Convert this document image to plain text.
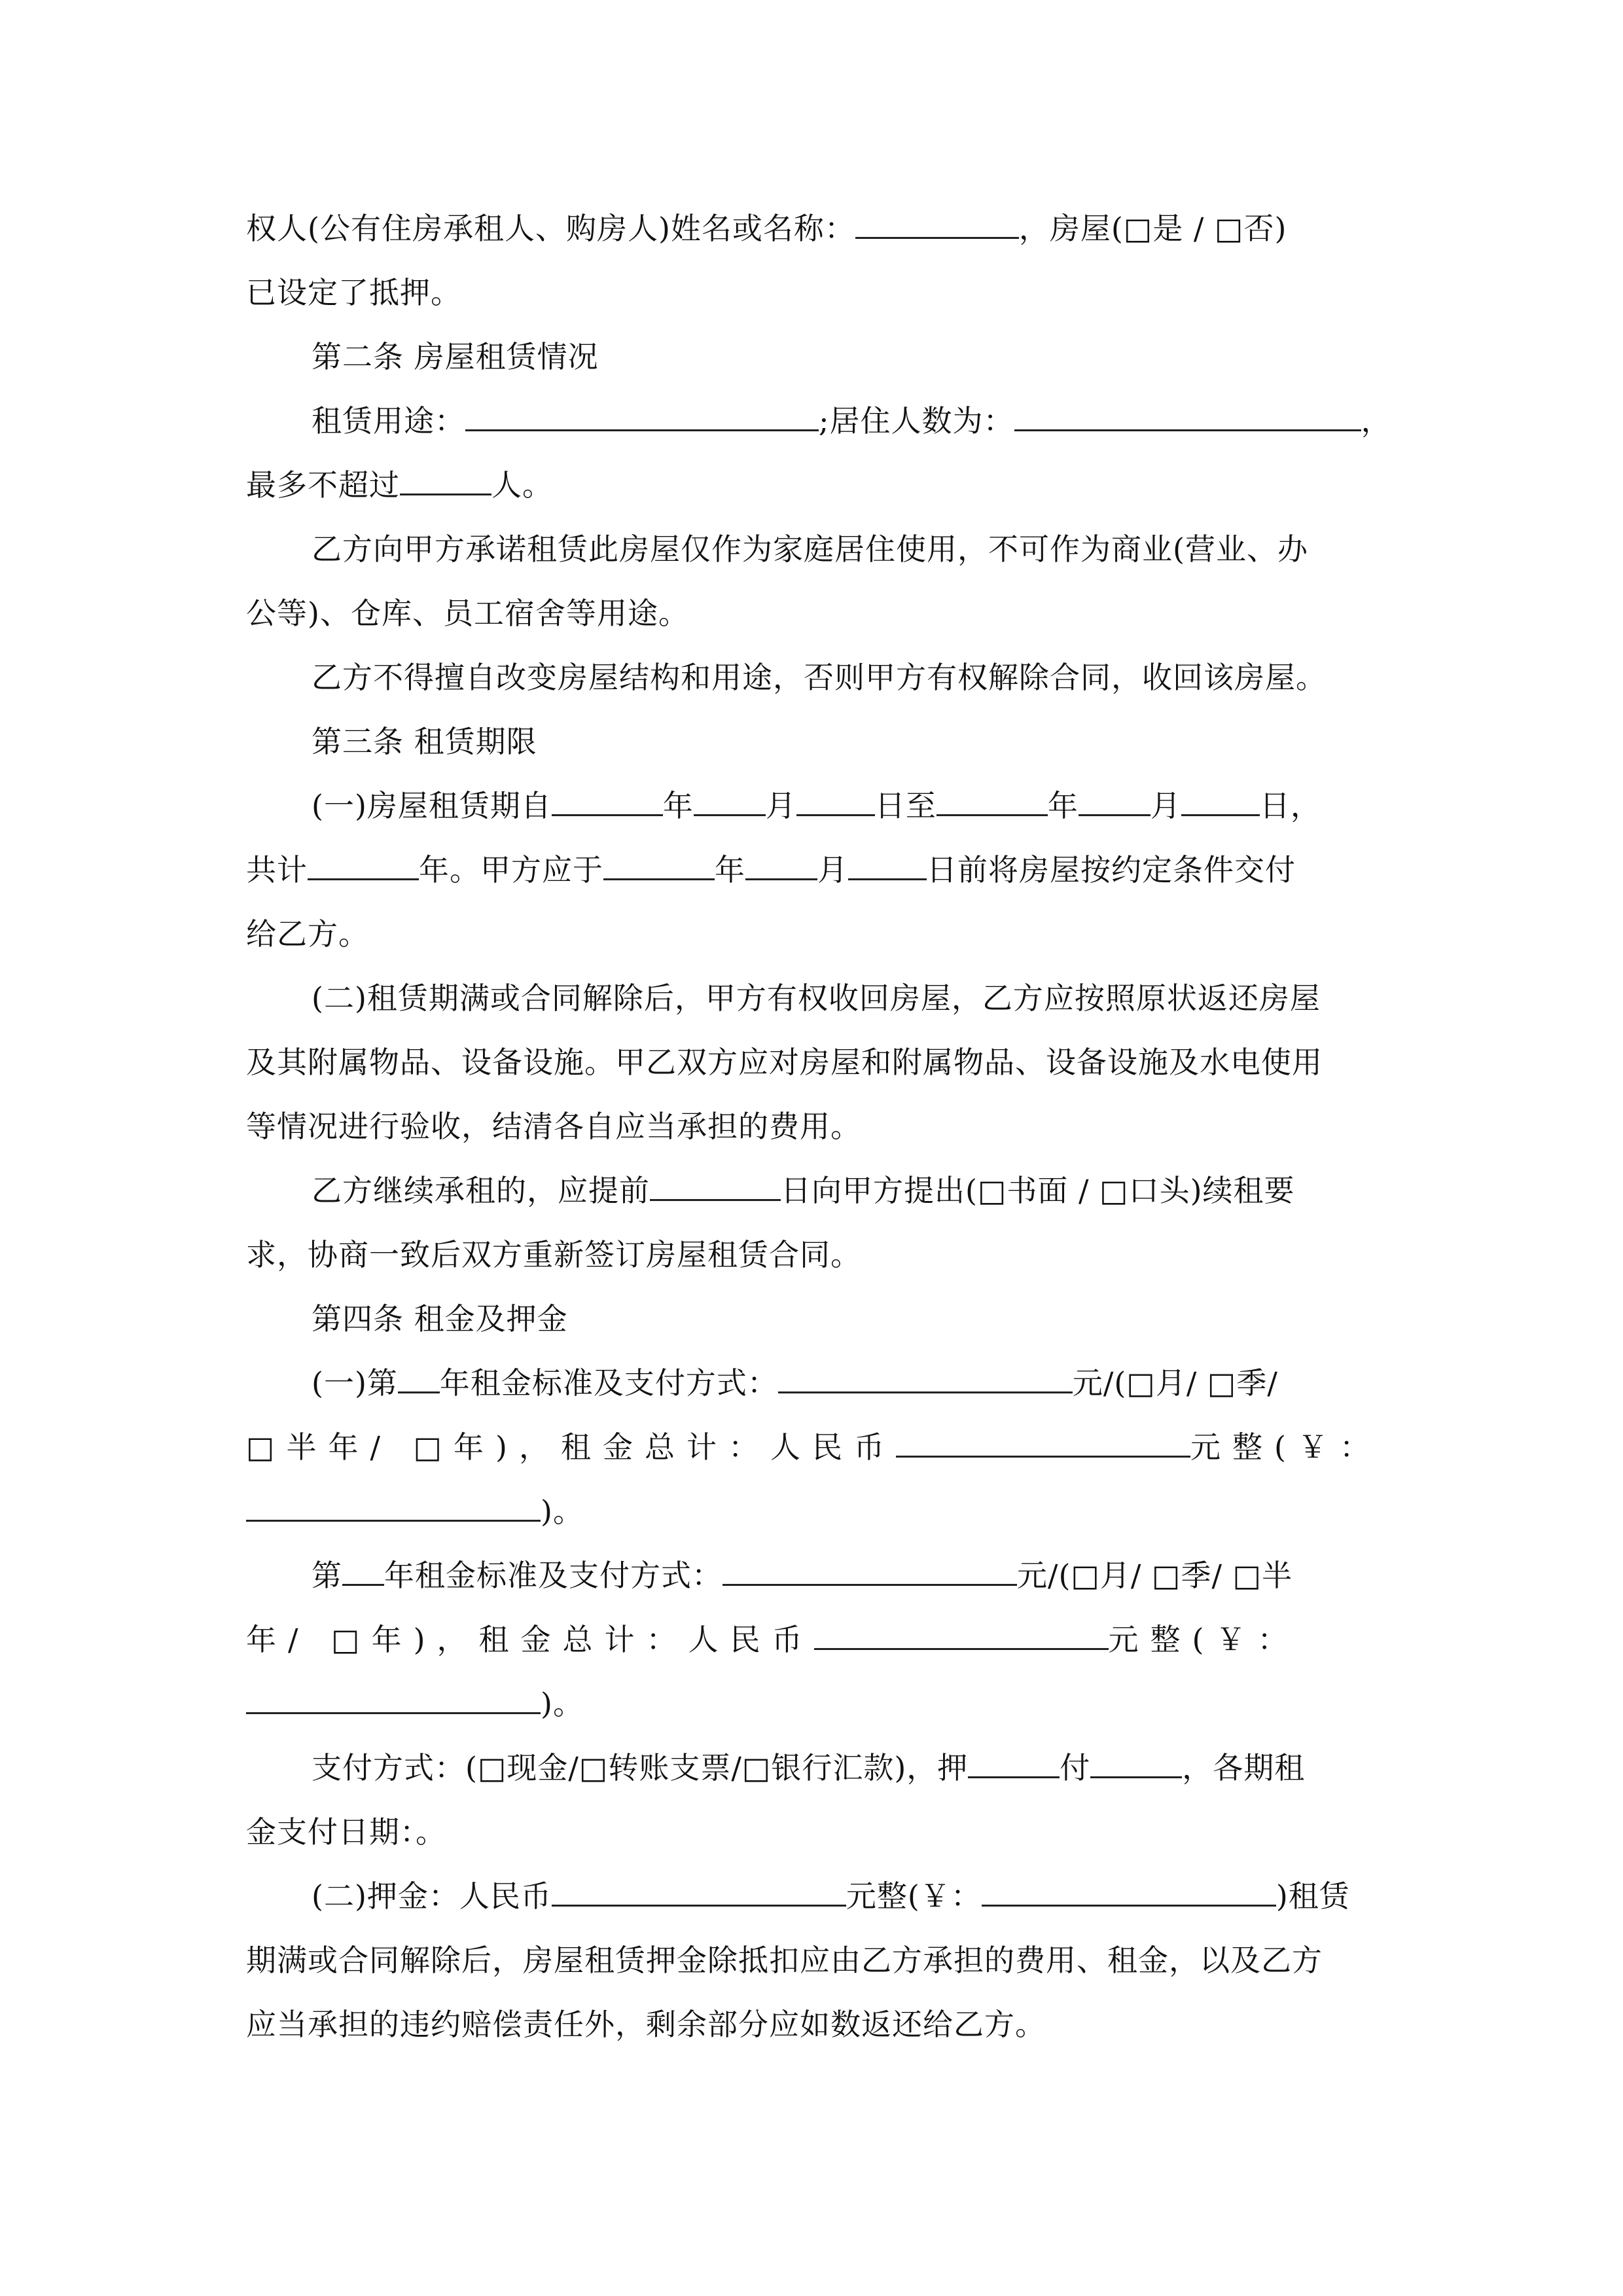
权人(公有住房承租人、购房人)姓名或名称：	，房屋(□是 / □否)
已设定了抵押。
第二条 房屋租赁情况
租赁用途：	;居住人数为：	，
最多不超过	人。
乙方向甲方承诺租赁此房屋仅作为家庭居住使用，不可作为商业(营业、办
公等)、仓库、员工宿舍等用途。
乙方不得擅自改变房屋结构和用途，否则甲方有权解除合同，收回该房屋。
第三条 租赁期限
(一)房屋租赁期自	年 月	日至	年 月	日，
共计	年。甲方应于	年 月	日前将房屋按约定条件交付
给乙方。
(二)租赁期满或合同解除后，甲方有权收回房屋，乙方应按照原状返还房屋
及其附属物品、设备设施。甲乙双方应对房屋和附属物品、设备设施及水电使用
等情况进行验收，结清各自应当承担的费用。
乙方继续承租的，应提前	日向甲方提出(□书面 / □口头)续租要
求，协商一致后双方重新签订房屋租赁合同。
第四条 租金及押金
(一)第 年租金标准及支付方式：	元/(□月/ □季/
□半年/ □年)，租金总计：人民币	元整(￥：
)。
第 年租金标准及支付方式：	元/(□月/ □季/ □半
年/ □年)，租金总计：人民币	元整(￥：
)。
支付方式：(□现金/□转账支票/□银行汇款)，押	付	，各期租
金支付日期：。
(二)押金：人民币	元整(￥：	)租赁
期满或合同解除后，房屋租赁押金除抵扣应由乙方承担的费用、租金，以及乙方
应当承担的违约赔偿责任外，剩余部分应如数返还给乙方。
